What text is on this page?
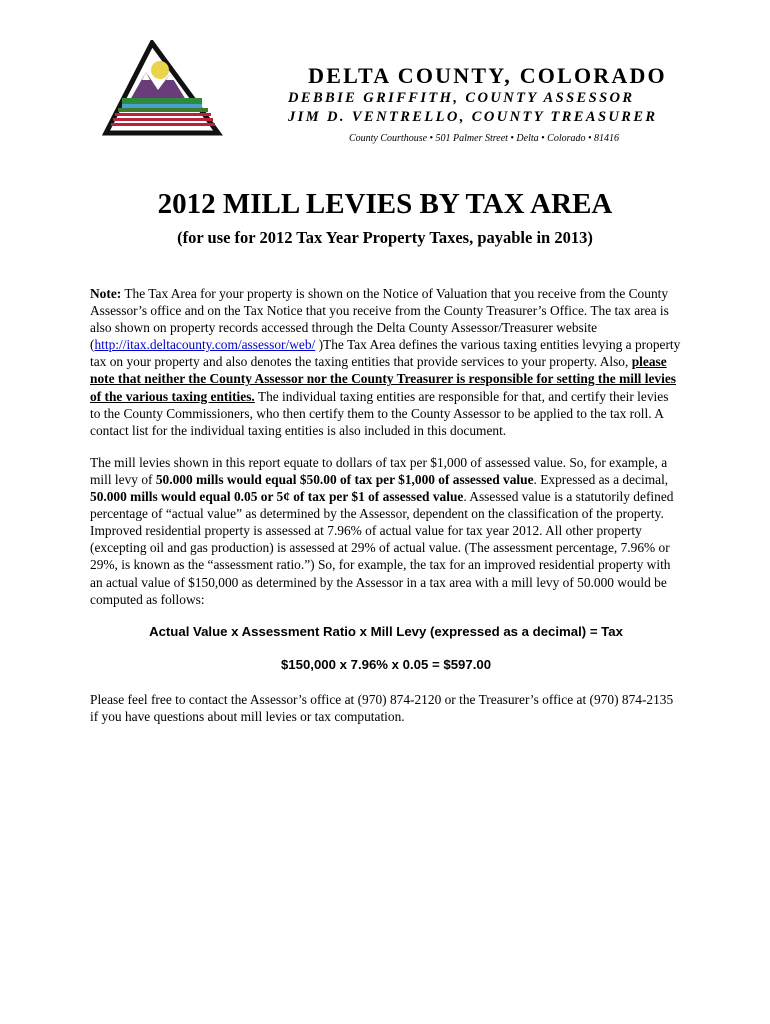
DELTA COUNTY, COLORADO
DEBBIE GRIFFITH, COUNTY ASSESSOR
JIM D. VENTRELLO, COUNTY TREASURER
County Courthouse • 501 Palmer Street • Delta • Colorado • 81416
2012 MILL LEVIES BY TAX AREA
(for use for 2012 Tax Year Property Taxes, payable in 2013)

Note: The Tax Area for your property is shown on the Notice of Valuation that you receive from the County Assessor’s office and on the Tax Notice that you receive from the County Treasurer’s Office. The tax area is also shown on property records accessed through the Delta County Assessor/Treasurer website (http://itax.deltacounty.com/assessor/web/ )The Tax Area defines the various taxing entities levying a property tax on your property and also denotes the taxing entities that provide services to your property. Also, please note that neither the County Assessor nor the County Treasurer is responsible for setting the mill levies of the various taxing entities. The individual taxing entities are responsible for that, and certify their levies to the County Commissioners, who then certify them to the County Assessor to be applied to the tax roll. A contact list for the individual taxing entities is also included in this document.

The mill levies shown in this report equate to dollars of tax per $1,000 of assessed value. So, for example, a mill levy of 50.000 mills would equal $50.00 of tax per $1,000 of assessed value. Expressed as a decimal, 50.000 mills would equal 0.05 or 5¢ of tax per $1 of assessed value. Assessed value is a statutorily defined percentage of “actual value” as determined by the Assessor, dependent on the classification of the property. Improved residential property is assessed at 7.96% of actual value for tax year 2012. All other property (excepting oil and gas production) is assessed at 29% of actual value. (The assessment percentage, 7.96% or 29%, is known as the “assessment ratio.”) So, for example, the tax for an improved residential property with an actual value of $150,000 as determined by the Assessor in a tax area with a mill levy of 50.000 would be computed as follows:

Actual Value x Assessment Ratio x Mill Levy (expressed as a decimal) = Tax

$150,000 x 7.96% x 0.05 = $597.00

Please feel free to contact the Assessor’s office at (970) 874-2120 or the Treasurer’s office at (970) 874-2135 if you have questions about mill levies or tax computation.
